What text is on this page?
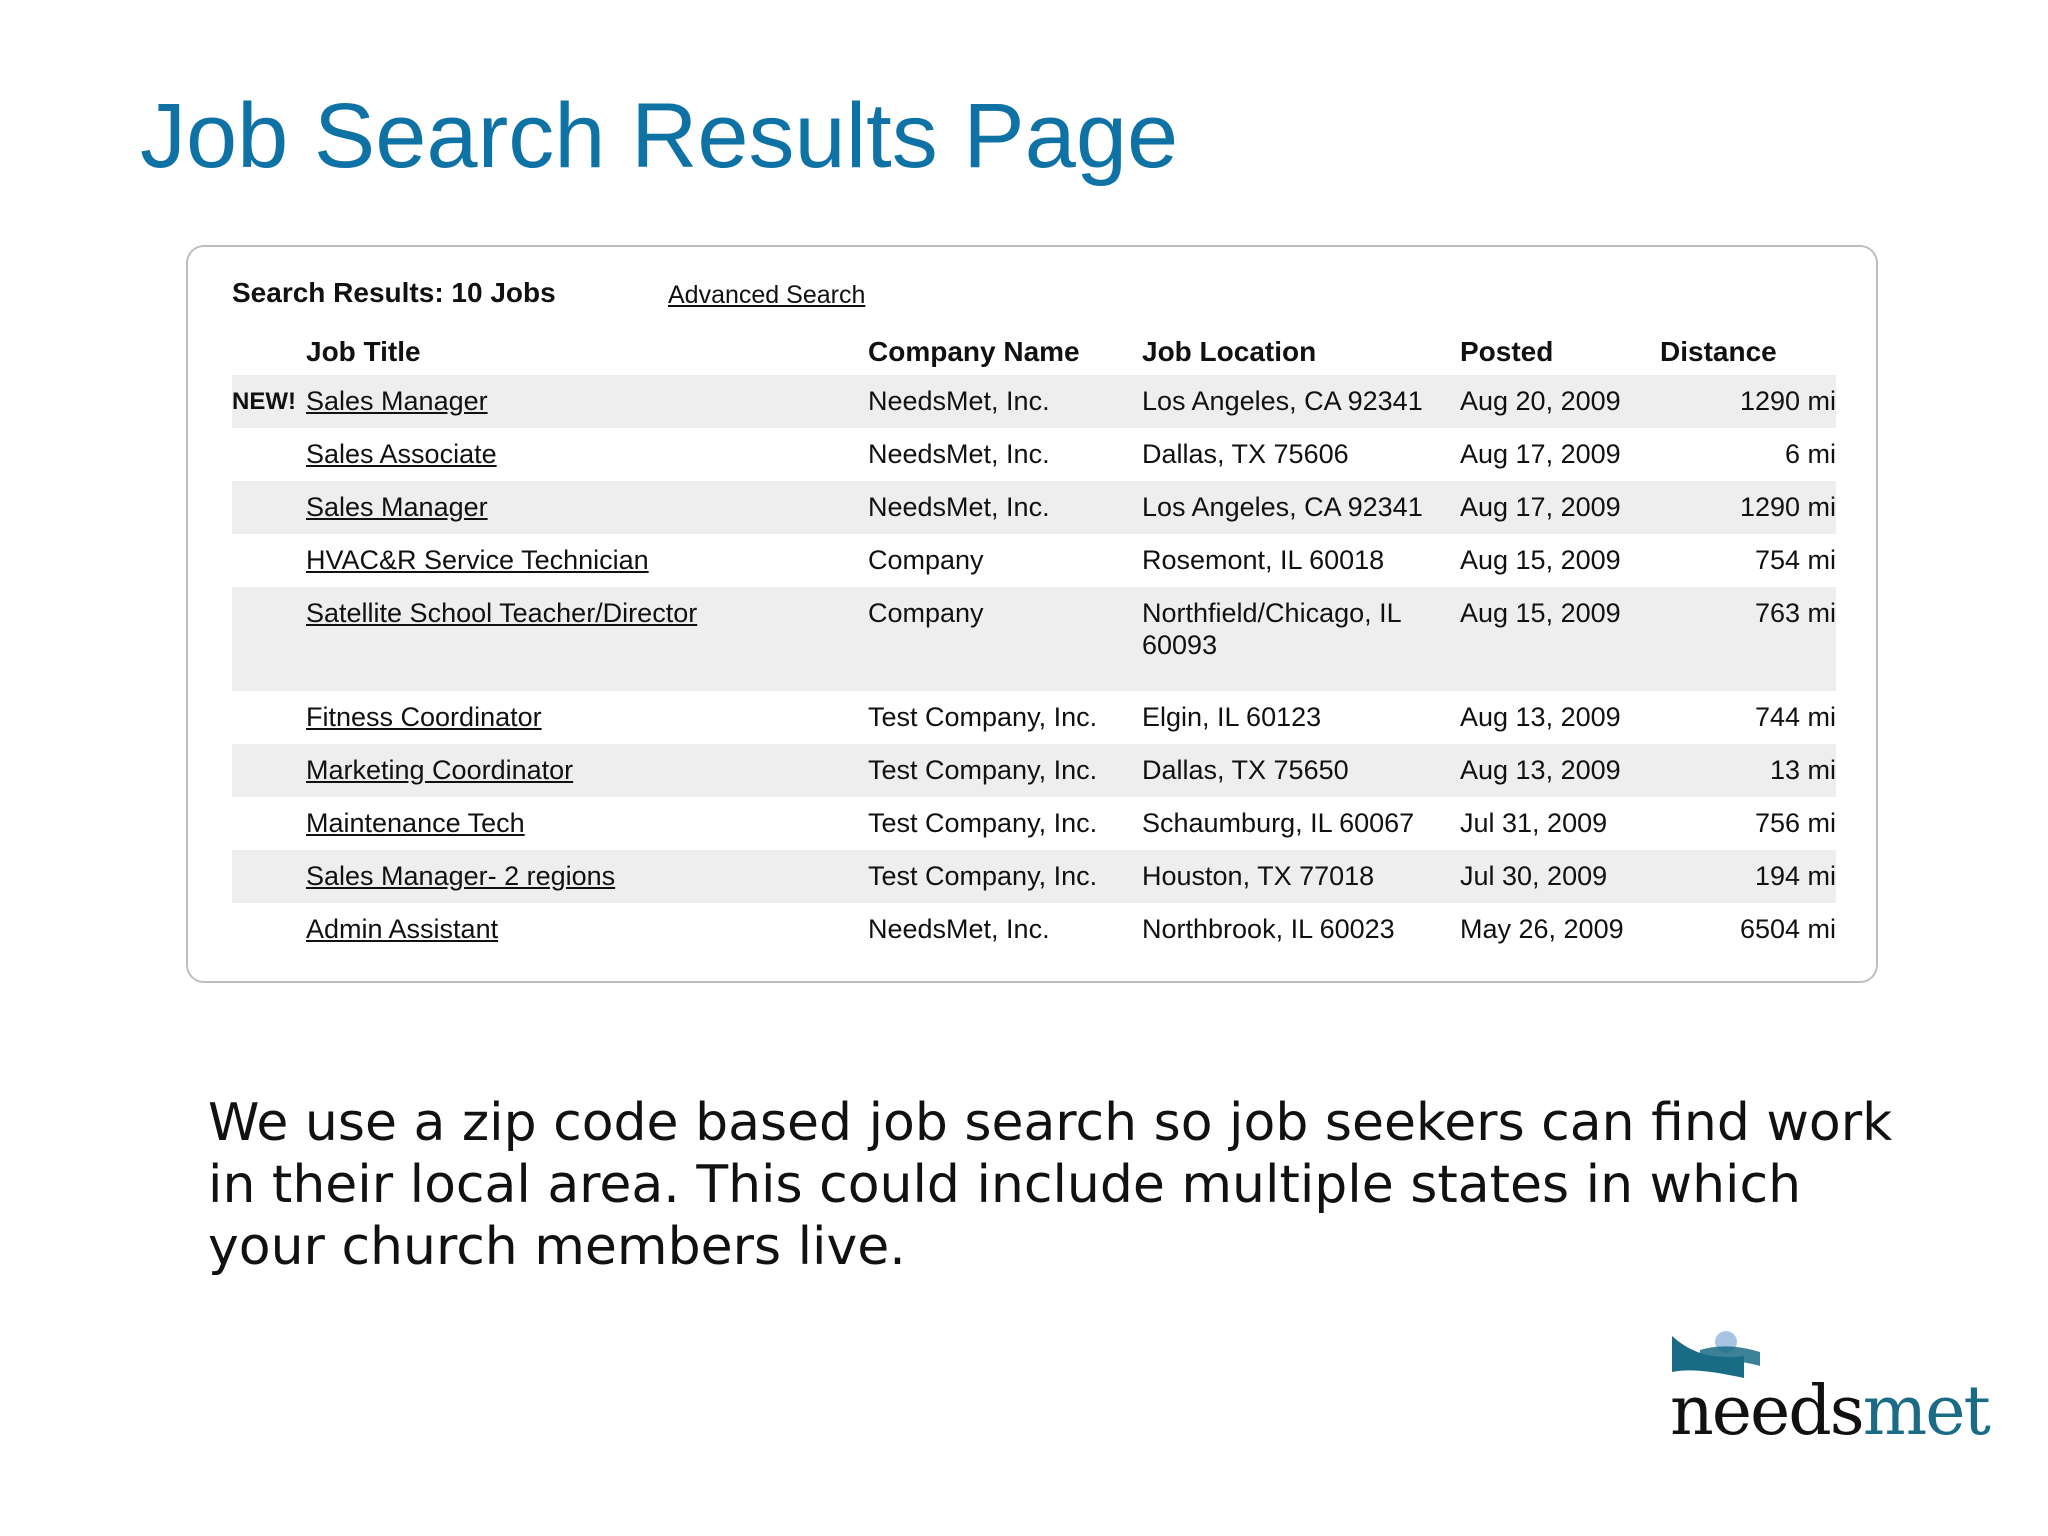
Job Search Results Page
Search Results: 10 Jobs	Advanced Search
	Job Title	Company Name	Job Location	Posted	Distance
NEW!	Sales Manager	NeedsMet, Inc.	Los Angeles, CA 92341	Aug 20, 2009	1290 mi
	Sales Associate	NeedsMet, Inc.	Dallas, TX 75606	Aug 17, 2009	6 mi
	Sales Manager	NeedsMet, Inc.	Los Angeles, CA 92341	Aug 17, 2009	1290 mi
	HVAC&R Service Technician	Company	Rosemont, IL 60018	Aug 15, 2009	754 mi
	Satellite School Teacher/Director	Company	Northfield/Chicago, IL 60093	Aug 15, 2009	763 mi
	Fitness Coordinator	Test Company, Inc.	Elgin, IL 60123	Aug 13, 2009	744 mi
	Marketing Coordinator	Test Company, Inc.	Dallas, TX 75650	Aug 13, 2009	13 mi
	Maintenance Tech	Test Company, Inc.	Schaumburg, IL 60067	Jul 31, 2009	756 mi
	Sales Manager- 2 regions	Test Company, Inc.	Houston, TX 77018	Jul 30, 2009	194 mi
	Admin Assistant	NeedsMet, Inc.	Northbrook, IL 60023	May 26, 2009	6504 mi

We use a zip code based job search so job seekers can find work in their local area. This could include multiple states in which your church members live.

needsmet
